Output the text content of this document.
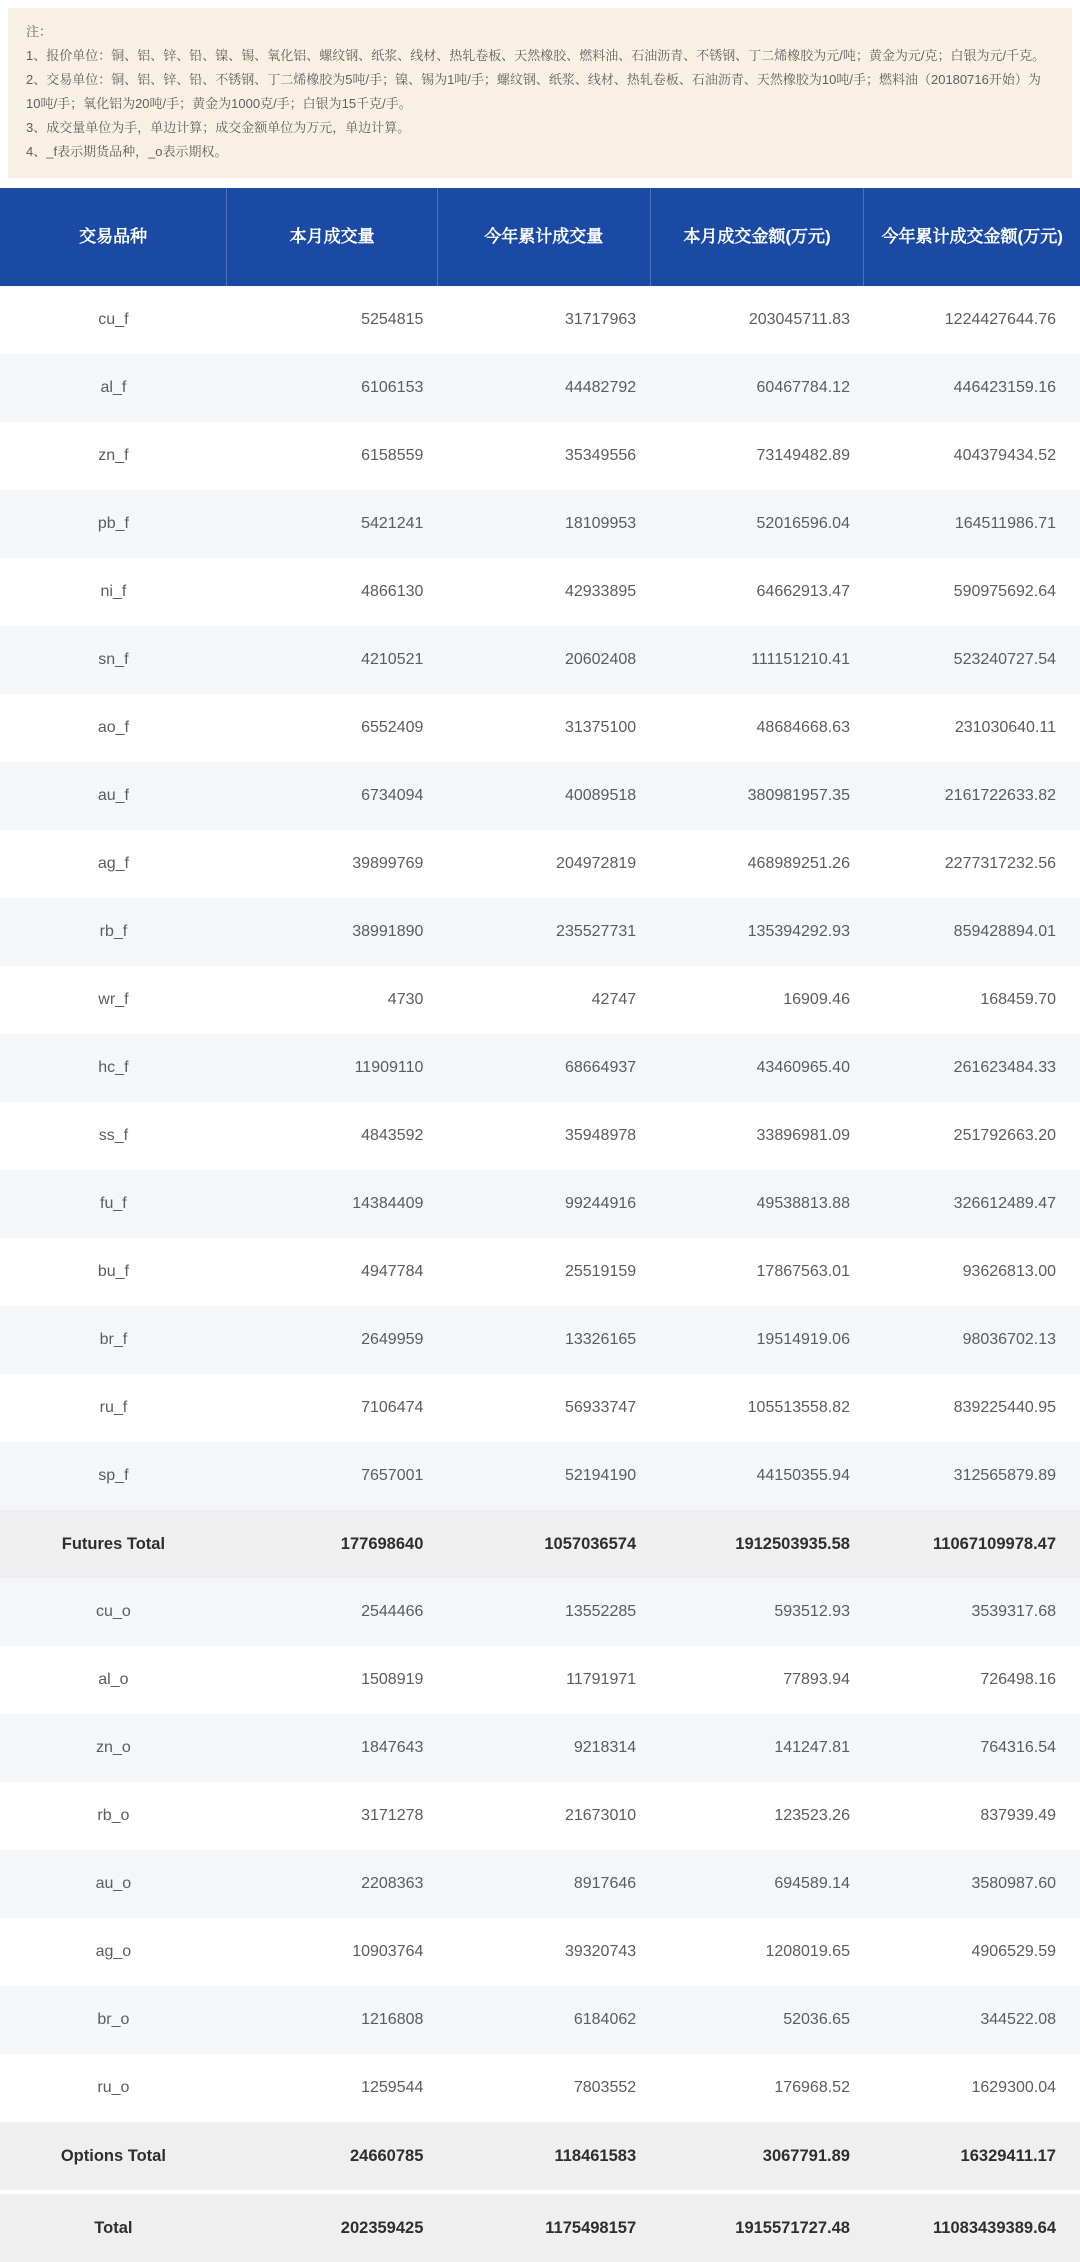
注：
1、报价单位：铜、铝、锌、铅、镍、锡、氧化铝、螺纹钢、纸浆、线材、热轧卷板、天然橡胶、燃料油、石油沥青、不锈钢、丁二烯橡胶为元/吨；黄金为元/克；白银为元/千克。
2、交易单位：铜、铝、锌、铅、不锈钢、丁二烯橡胶为5吨/手；镍、锡为1吨/手；螺纹钢、纸浆、线材、热轧卷板、石油沥青、天然橡胶为10吨/手；燃料油（20180716开始）为10吨/手；氧化铝为20吨/手；黄金为1000克/手；白银为15千克/手。
3、成交量单位为手，单边计算；成交金额单位为万元，单边计算。
4、_f表示期货品种，_o表示期权。
交易品种	本月成交量	今年累计成交量	本月成交金额(万元)	今年累计成交金额(万元)
cu_f	5254815	31717963	203045711.83	1224427644.76
al_f	6106153	44482792	60467784.12	446423159.16
zn_f	6158559	35349556	73149482.89	404379434.52
pb_f	5421241	18109953	52016596.04	164511986.71
ni_f	4866130	42933895	64662913.47	590975692.64
sn_f	4210521	20602408	111151210.41	523240727.54
ao_f	6552409	31375100	48684668.63	231030640.11
au_f	6734094	40089518	380981957.35	2161722633.82
ag_f	39899769	204972819	468989251.26	2277317232.56
rb_f	38991890	235527731	135394292.93	859428894.01
wr_f	4730	42747	16909.46	168459.70
hc_f	11909110	68664937	43460965.40	261623484.33
ss_f	4843592	35948978	33896981.09	251792663.20
fu_f	14384409	99244916	49538813.88	326612489.47
bu_f	4947784	25519159	17867563.01	93626813.00
br_f	2649959	13326165	19514919.06	98036702.13
ru_f	7106474	56933747	105513558.82	839225440.95
sp_f	7657001	52194190	44150355.94	312565879.89
Futures Total	177698640	1057036574	1912503935.58	11067109978.47
cu_o	2544466	13552285	593512.93	3539317.68
al_o	1508919	11791971	77893.94	726498.16
zn_o	1847643	9218314	141247.81	764316.54
rb_o	3171278	21673010	123523.26	837939.49
au_o	2208363	8917646	694589.14	3580987.60
ag_o	10903764	39320743	1208019.65	4906529.59
br_o	1216808	6184062	52036.65	344522.08
ru_o	1259544	7803552	176968.52	1629300.04
Options Total	24660785	118461583	3067791.89	16329411.17
Total	202359425	1175498157	1915571727.48	11083439389.64
